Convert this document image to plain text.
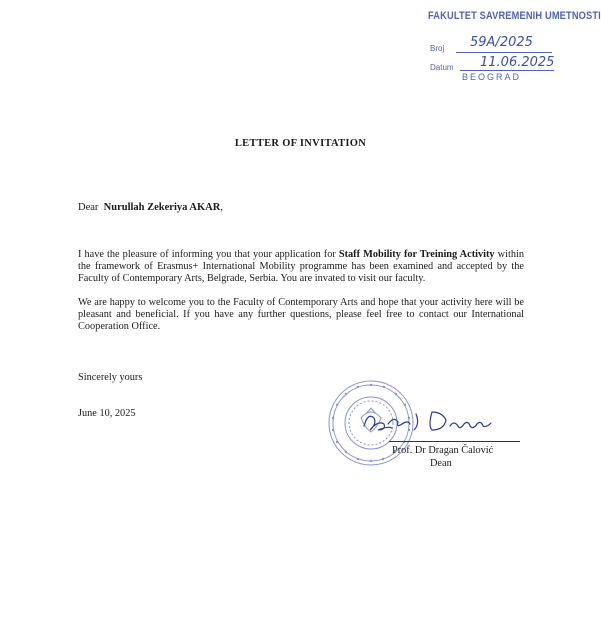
FAKULTET SAVREMENIH UMETNOSTI
Broj 59A/2025
Datum 11.06.2025
BEOGRAD
LETTER OF INVITATION
Dear Nurullah Zekeriya AKAR,

I have the pleasure of informing you that your application for Staff Mobility for Treining Activity within the framework of Erasmus+ International Mobility programme has been examined and accepted by the Faculty of Contemporary Arts, Belgrade, Serbia. You are invated to visit our faculty.

We are happy to welcome you to the Faculty of Contemporary Arts and hope that your activity here will be pleasant and beneficial. If you have any further questions, please feel free to contact our International Cooperation Office.

Sincerely yours
June 10, 2025
Prof. Dr Dragan Čalović
Dean
